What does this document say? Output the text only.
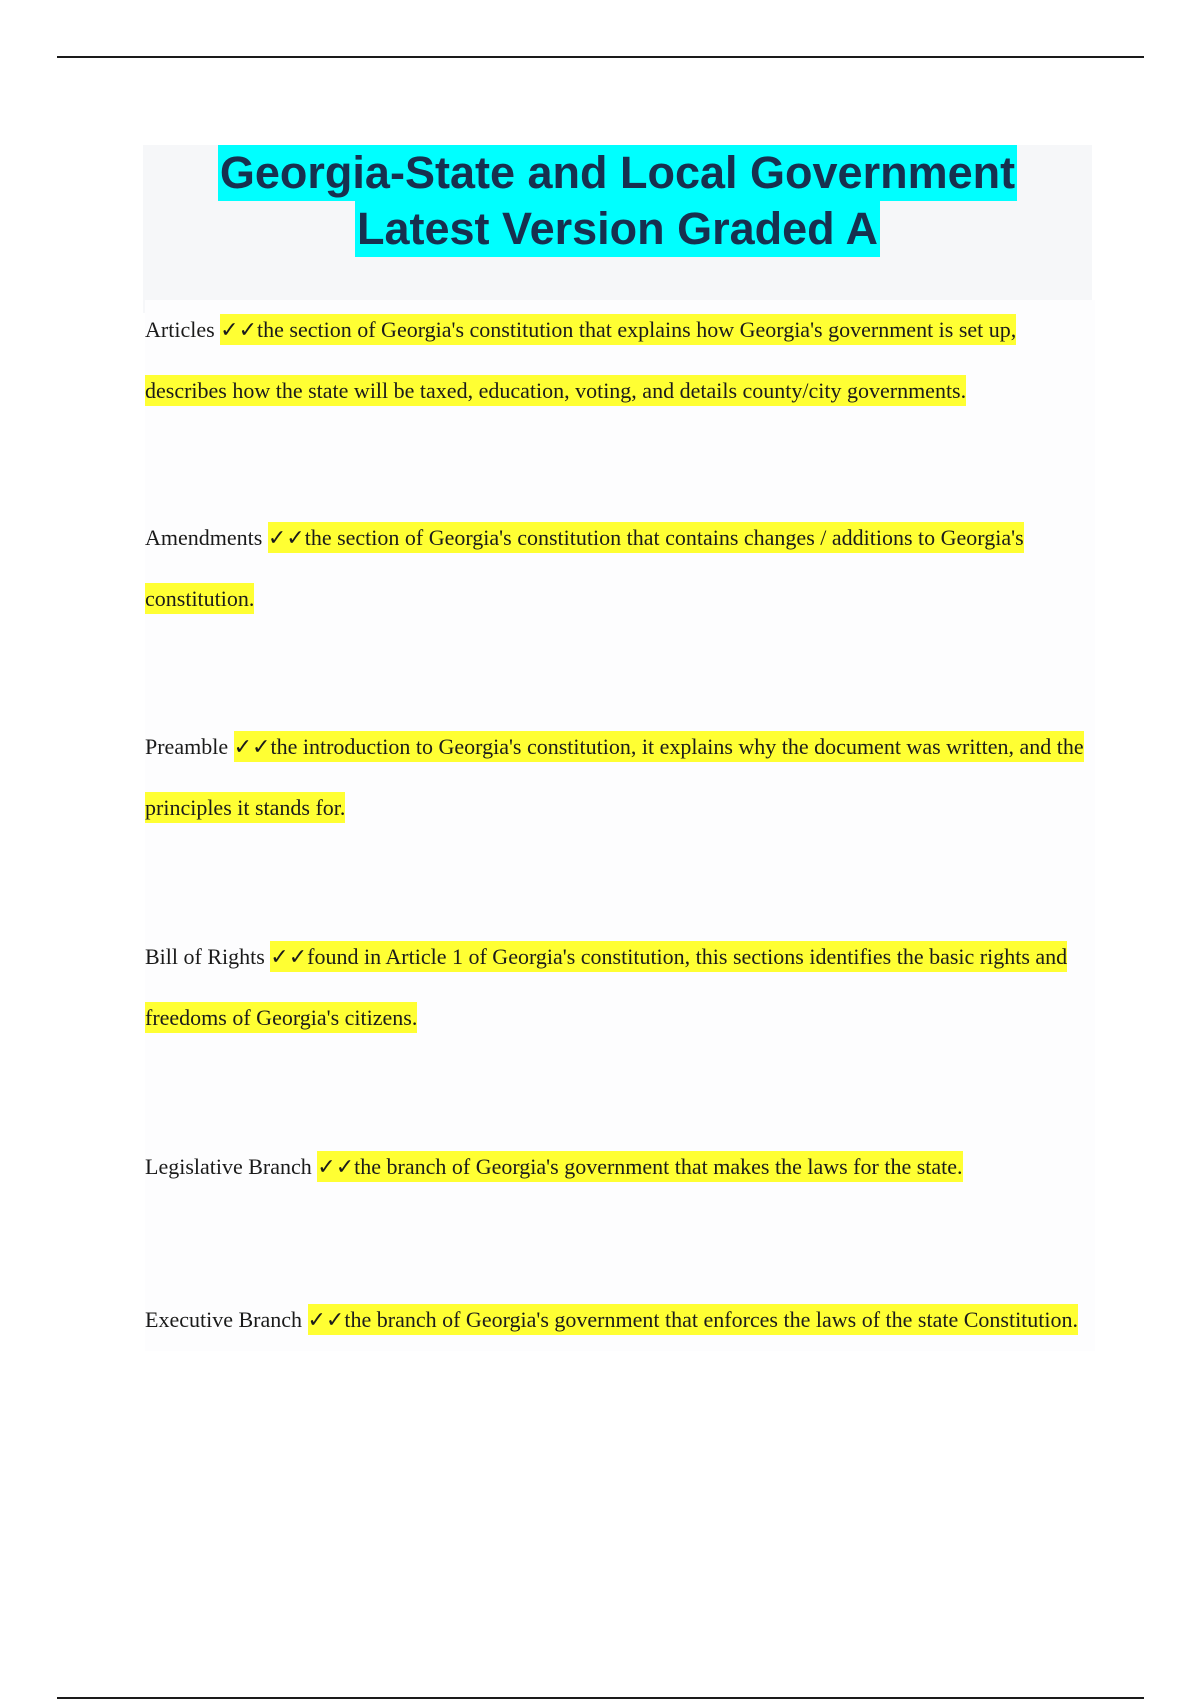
Georgia-State and Local Government
Latest Version Graded A

Articles ✓✓the section of Georgia's constitution that explains how Georgia's government is set up, describes how the state will be taxed, education, voting, and details county/city governments.

Amendments ✓✓the section of Georgia's constitution that contains changes / additions to Georgia's constitution.

Preamble ✓✓the introduction to Georgia's constitution, it explains why the document was written, and the principles it stands for.

Bill of Rights ✓✓found in Article 1 of Georgia's constitution, this sections identifies the basic rights and freedoms of Georgia's citizens.

Legislative Branch ✓✓the branch of Georgia's government that makes the laws for the state.

Executive Branch ✓✓the branch of Georgia's government that enforces the laws of the state Constitution.
